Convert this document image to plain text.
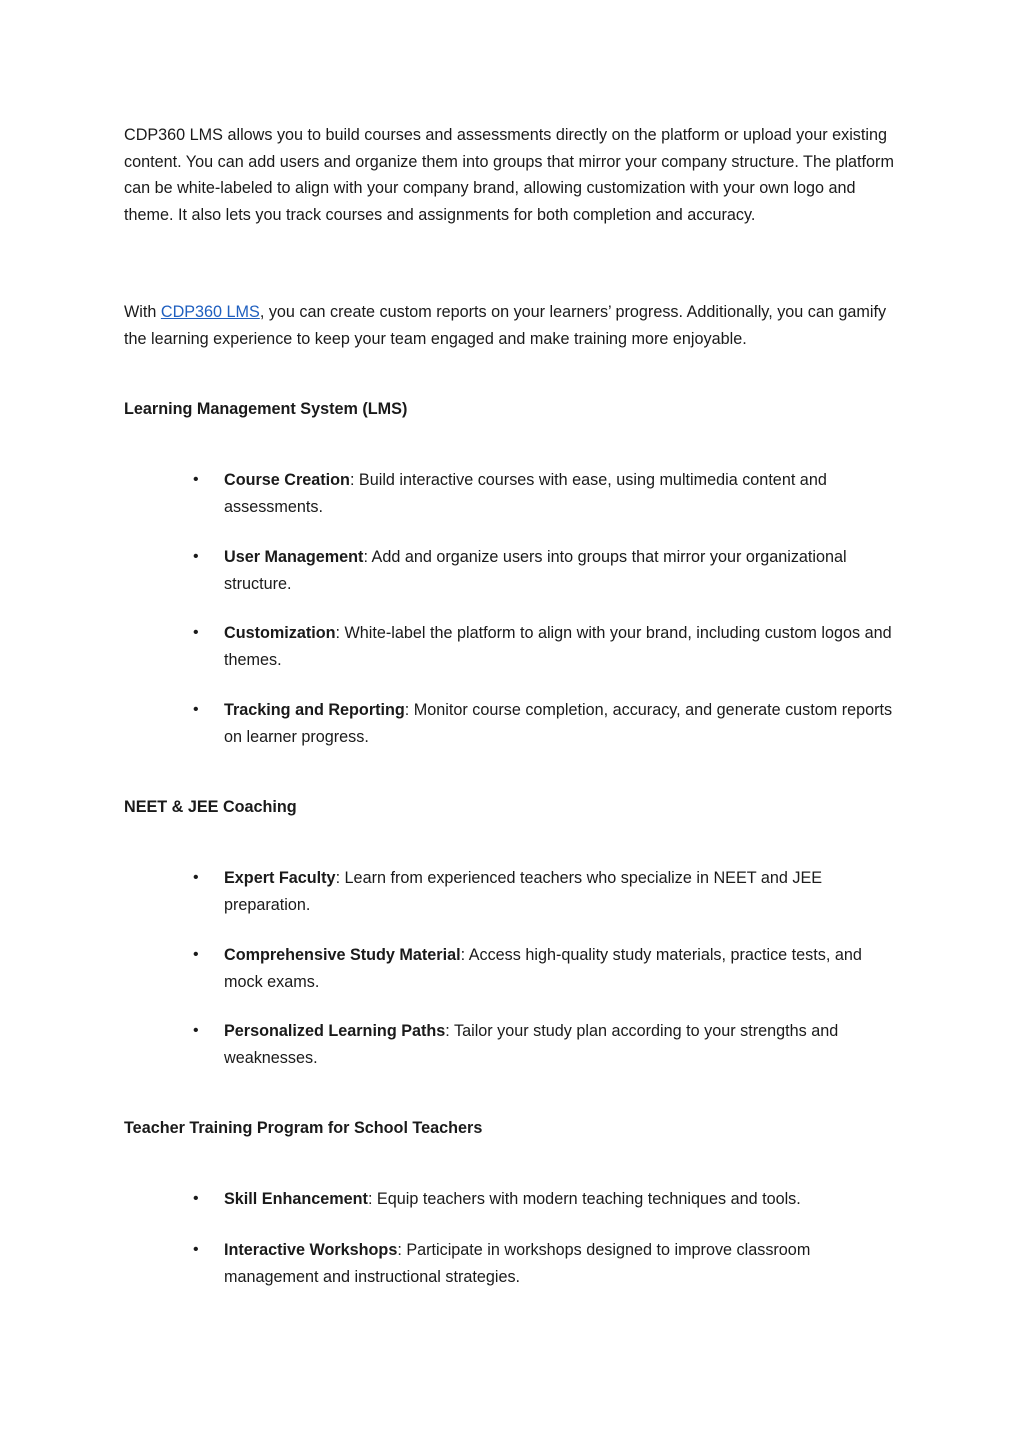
CDP360 LMS allows you to build courses and assessments directly on the platform or upload your existing content. You can add users and organize them into groups that mirror your company structure. The platform can be white-labeled to align with your company brand, allowing customization with your own logo and theme. It also lets you track courses and assignments for both completion and accuracy.

With CDP360 LMS, you can create custom reports on your learners’ progress. Additionally, you can gamify the learning experience to keep your team engaged and make training more enjoyable.

Learning Management System (LMS)
• Course Creation: Build interactive courses with ease, using multimedia content and assessments.
• User Management: Add and organize users into groups that mirror your organizational structure.
• Customization: White-label the platform to align with your brand, including custom logos and themes.
• Tracking and Reporting: Monitor course completion, accuracy, and generate custom reports on learner progress.
NEET & JEE Coaching
• Expert Faculty: Learn from experienced teachers who specialize in NEET and JEE preparation.
• Comprehensive Study Material: Access high-quality study materials, practice tests, and mock exams.
• Personalized Learning Paths: Tailor your study plan according to your strengths and weaknesses.
Teacher Training Program for School Teachers
• Skill Enhancement: Equip teachers with modern teaching techniques and tools.
• Interactive Workshops: Participate in workshops designed to improve classroom management and instructional strategies.
